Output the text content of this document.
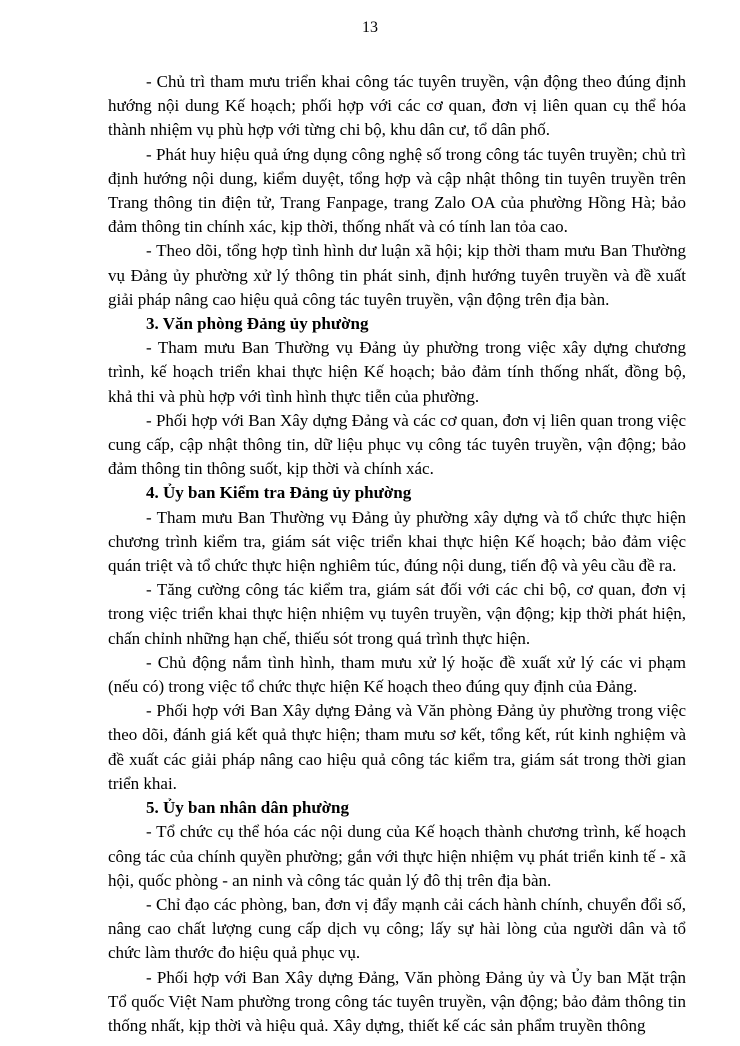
13

- Chủ trì tham mưu triển khai công tác tuyên truyền, vận động theo đúng định hướng nội dung Kế hoạch; phối hợp với các cơ quan, đơn vị liên quan cụ thể hóa thành nhiệm vụ phù hợp với từng chi bộ, khu dân cư, tổ dân phố.

- Phát huy hiệu quả ứng dụng công nghệ số trong công tác tuyên truyền; chủ trì định hướng nội dung, kiểm duyệt, tổng hợp và cập nhật thông tin tuyên truyền trên Trang thông tin điện tử, Trang Fanpage, trang Zalo OA của phường Hồng Hà; bảo đảm thông tin chính xác, kịp thời, thống nhất và có tính lan tỏa cao.

- Theo dõi, tổng hợp tình hình dư luận xã hội; kịp thời tham mưu Ban Thường vụ Đảng ủy phường xử lý thông tin phát sinh, định hướng tuyên truyền và đề xuất giải pháp nâng cao hiệu quả công tác tuyên truyền, vận động trên địa bàn.

3. Văn phòng Đảng ủy phường

- Tham mưu Ban Thường vụ Đảng ủy phường trong việc xây dựng chương trình, kế hoạch triển khai thực hiện Kế hoạch; bảo đảm tính thống nhất, đồng bộ, khả thi và phù hợp với tình hình thực tiễn của phường.

- Phối hợp với Ban Xây dựng Đảng và các cơ quan, đơn vị liên quan trong việc cung cấp, cập nhật thông tin, dữ liệu phục vụ công tác tuyên truyền, vận động; bảo đảm thông tin thông suốt, kịp thời và chính xác.

4. Ủy ban Kiểm tra Đảng ủy phường

- Tham mưu Ban Thường vụ Đảng ủy phường xây dựng và tổ chức thực hiện chương trình kiểm tra, giám sát việc triển khai thực hiện Kế hoạch; bảo đảm việc quán triệt và tổ chức thực hiện nghiêm túc, đúng nội dung, tiến độ và yêu cầu đề ra.

- Tăng cường công tác kiểm tra, giám sát đối với các chi bộ, cơ quan, đơn vị trong việc triển khai thực hiện nhiệm vụ tuyên truyền, vận động; kịp thời phát hiện, chấn chỉnh những hạn chế, thiếu sót trong quá trình thực hiện.

- Chủ động nắm tình hình, tham mưu xử lý hoặc đề xuất xử lý các vi phạm (nếu có) trong việc tổ chức thực hiện Kế hoạch theo đúng quy định của Đảng.

- Phối hợp với Ban Xây dựng Đảng và Văn phòng Đảng ủy phường trong việc theo dõi, đánh giá kết quả thực hiện; tham mưu sơ kết, tổng kết, rút kinh nghiệm và đề xuất các giải pháp nâng cao hiệu quả công tác kiểm tra, giám sát trong thời gian triển khai.

5. Ủy ban nhân dân phường

- Tổ chức cụ thể hóa các nội dung của Kế hoạch thành chương trình, kế hoạch công tác của chính quyền phường; gắn với thực hiện nhiệm vụ phát triển kinh tế - xã hội, quốc phòng - an ninh và công tác quản lý đô thị trên địa bàn.

- Chỉ đạo các phòng, ban, đơn vị đẩy mạnh cải cách hành chính, chuyển đổi số, nâng cao chất lượng cung cấp dịch vụ công; lấy sự hài lòng của người dân và tổ chức làm thước đo hiệu quả phục vụ.

- Phối hợp với Ban Xây dựng Đảng, Văn phòng Đảng ủy và Ủy ban Mặt trận Tổ quốc Việt Nam phường trong công tác tuyên truyền, vận động; bảo đảm thông tin thống nhất, kịp thời và hiệu quả. Xây dựng, thiết kế các sản phẩm truyền thông
